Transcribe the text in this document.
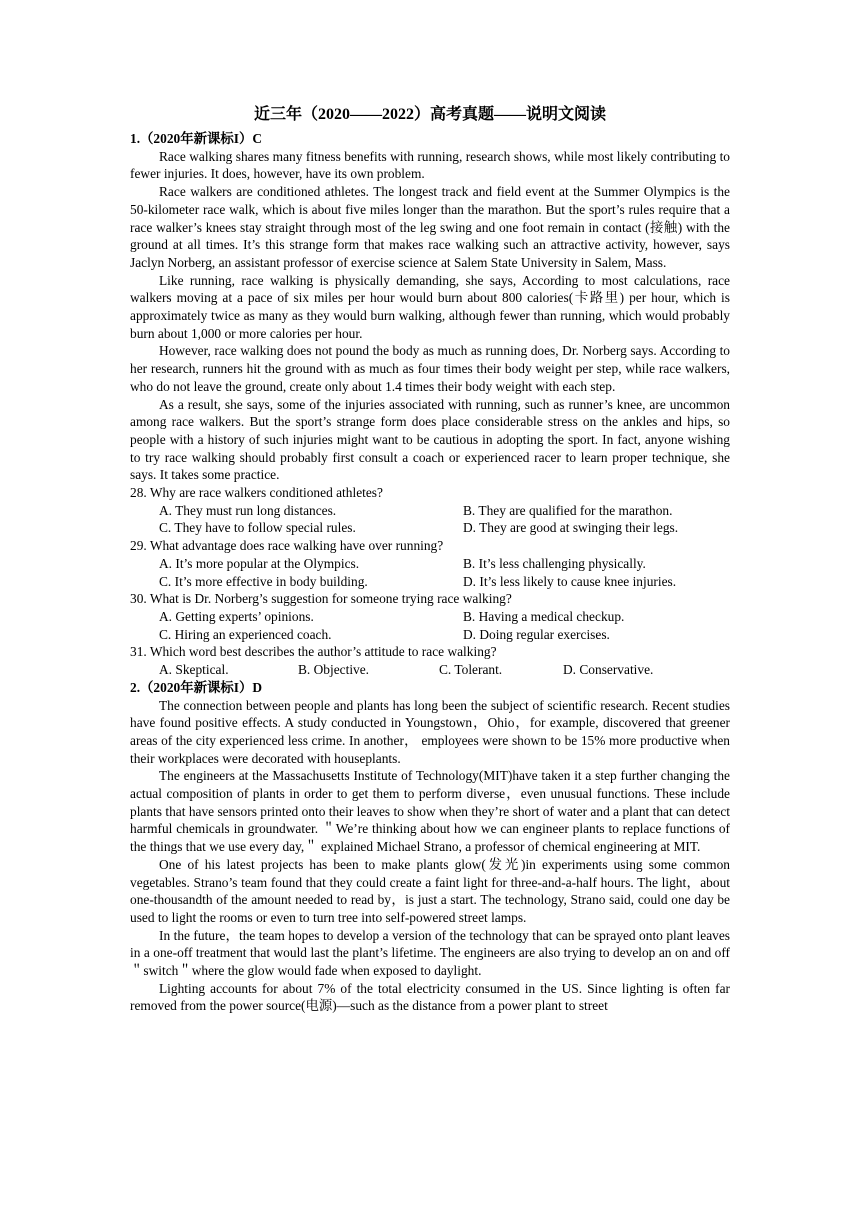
近三年（2020——2022）高考真题——说明文阅读
1.（2020年新课标I）C
Race walking shares many fitness benefits with running, research shows, while most likely contributing to fewer injuries. It does, however, have its own problem.
Race walkers are conditioned athletes. The longest track and field event at the Summer Olympics is the 50-kilometer race walk, which is about five miles longer than the marathon. But the sport’s rules require that a race walker’s knees stay straight through most of the leg swing and one foot remain in contact (接触) with the ground at all times. It’s this strange form that makes race walking such an attractive activity, however, says Jaclyn Norberg, an assistant professor of exercise science at Salem State University in Salem, Mass.
Like running, race walking is physically demanding, she says, According to most calculations, race walkers moving at a pace of six miles per hour would burn about 800 calories(卡路里) per hour, which is approximately twice as many as they would burn walking, although fewer than running, which would probably burn about 1,000 or more calories per hour.
However, race walking does not pound the body as much as running does, Dr. Norberg says. According to her research, runners hit the ground with as much as four times their body weight per step, while race walkers, who do not leave the ground, create only about 1.4 times their body weight with each step.
As a result, she says, some of the injuries associated with running, such as runner’s knee, are uncommon among race walkers. But the sport’s strange form does place considerable stress on the ankles and hips, so people with a history of such injuries might want to be cautious in adopting the sport. In fact, anyone wishing to try race walking should probably first consult a coach or experienced racer to learn proper technique, she says. It takes some practice.
28. Why are race walkers conditioned athletes?
A. They must run long distances.	B. They are qualified for the marathon.
C. They have to follow special rules.	D. They are good at swinging their legs.
29. What advantage does race walking have over running?
A. It’s more popular at the Olympics.	B. It’s less challenging physically.
C. It’s more effective in body building.	D. It’s less likely to cause knee injuries.
30. What is Dr. Norberg’s suggestion for someone trying race walking?
A. Getting experts’ opinions.	B. Having a medical checkup.
C. Hiring an experienced coach.	D. Doing regular exercises.
31. Which word best describes the author’s attitude to race walking?
A. Skeptical.	B. Objective.	C. Tolerant.	D. Conservative.
2.（2020年新课标I）D
The connection between people and plants has long been the subject of scientific research. Recent studies have found positive effects. A study conducted in Youngstown，Ohio，for example, discovered that greener areas of the city experienced less crime. In another， employees were shown to be 15% more productive when their workplaces were decorated with houseplants.
The engineers at the Massachusetts Institute of Technology(MIT)have taken it a step further changing the actual composition of plants in order to get them to perform diverse，even unusual functions. These include plants that have sensors printed onto their leaves to show when they’re short of water and a plant that can detect harmful chemicals in groundwater. ＂We’re thinking about how we can engineer plants to replace functions of the things that we use every day,＂ explained Michael Strano, a professor of chemical engineering at MIT.
One of his latest projects has been to make plants glow(发光)in experiments using some common vegetables. Strano’s team found that they could create a faint light for three-and-a-half hours. The light，about one-thousandth of the amount needed to read by，is just a start. The technology, Strano said, could one day be used to light the rooms or even to turn tree into self-powered street lamps.
In the future，the team hopes to develop a version of the technology that can be sprayed onto plant leaves in a one-off treatment that would last the plant’s lifetime. The engineers are also trying to develop an on and off＂switch＂where the glow would fade when exposed to daylight.
Lighting accounts for about 7% of the total electricity consumed in the US. Since lighting is often far removed from the power source(电源)—such as the distance from a power plant to street
